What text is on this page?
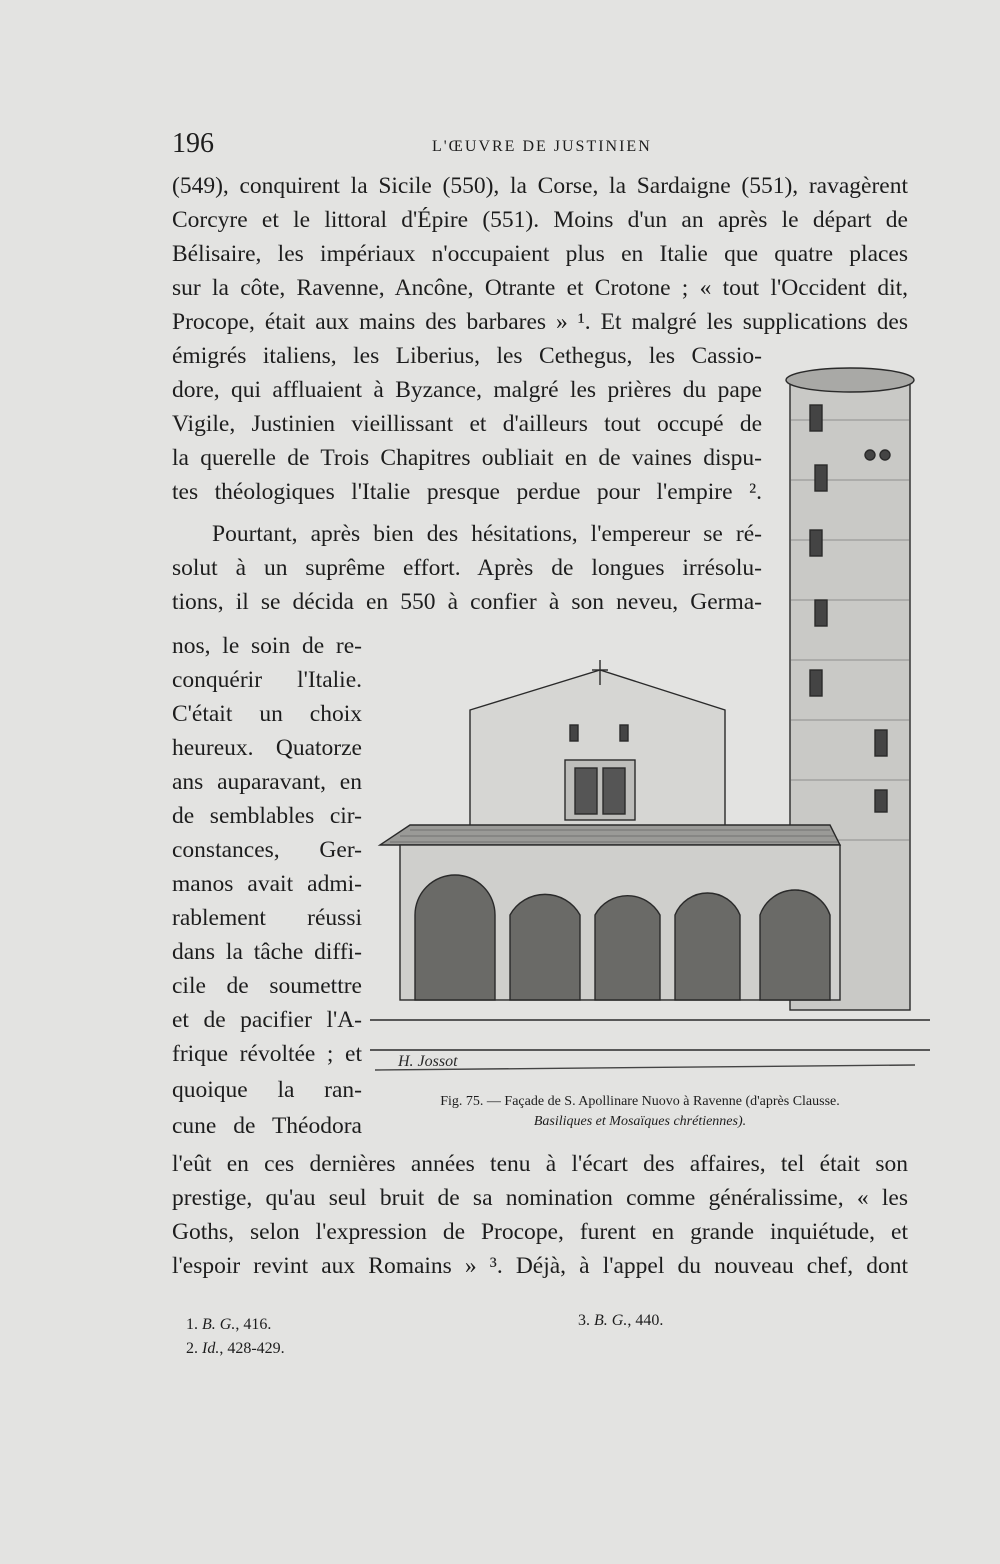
196	L'ŒUVRE DE JUSTINIEN
(549), conquirent la Sicile (550), la Corse, la Sardaigne (551), ravagèrent
Corcyre et le littoral d'Épire (551). Moins d'un an après le départ de
Bélisaire, les impériaux n'occupaient plus en Italie que quatre places
sur la côte, Ravenne, Ancône, Otrante et Crotone ; « tout l'Occident dit,
Procope, était aux mains des barbares » ¹. Et malgré les supplications des
émigrés italiens, les Liberius, les Cethegus, les Cassio-
dore, qui affluaient à Byzance, malgré les prières du pape
Vigile, Justinien vieillissant et d'ailleurs tout occupé de
la querelle de Trois Chapitres oubliait en de vaines dispu-
tes théologiques l'Italie presque perdue pour l'empire ².
Pourtant, après bien des hésitations, l'empereur se ré-
solut à un suprême effort. Après de longues irrésolu-
tions, il se décida en 550 à confier à son neveu, Germa-
nos, le soin de re-
conquérir l'Italie.
C'était un choix
heureux. Quatorze
ans auparavant, en
de semblables cir-
constances, Ger-
manos avait admi-
rablement réussi
dans la tâche diffi-
cile de soumettre
et de pacifier l'A-
frique révoltée ; et
quoique la ran-
cune de Théodora
l'eût en ces dernières années tenu à l'écart des affaires, tel était son
prestige, qu'au seul bruit de sa nomination comme généralissime, « les
Goths, selon l'expression de Procope, furent en grande inquiétude, et
l'espoir revint aux Romains » ³. Déjà, à l'appel du nouveau chef, dont
H. Jossot
Fig. 75. — Façade de S. Apollinare Nuovo à Ravenne (d'après Clausse.
Basiliques et Mosaïques chrétiennes).
1. B. G., 416.
2. Id., 428-429.
3. B. G., 440.
